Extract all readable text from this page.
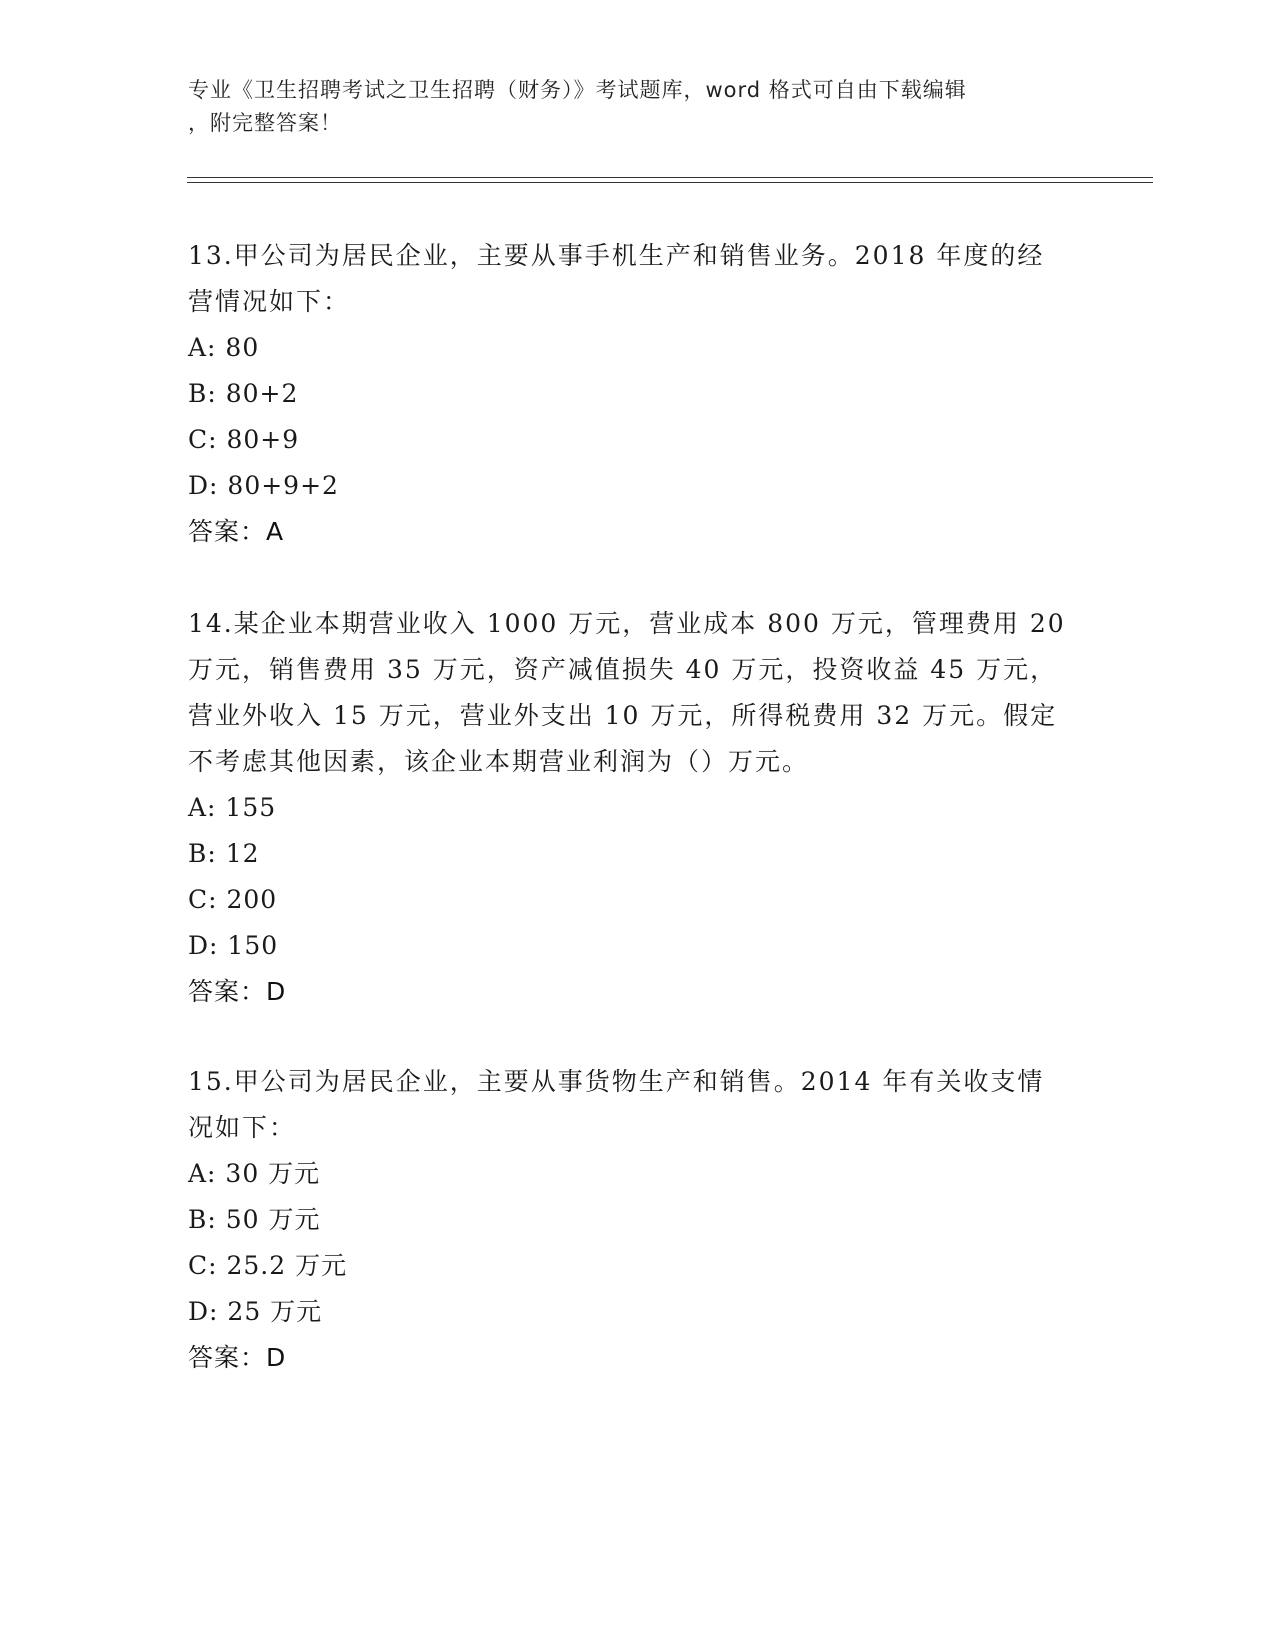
专业《卫生招聘考试之卫生招聘（财务）》考试题库，word 格式可自由下载编辑
，附完整答案！

13.甲公司为居民企业，主要从事手机生产和销售业务。2018 年度的经
营情况如下：

A: 80
B: 80+2
C: 80+9
D: 80+9+2

答案：A

14.某企业本期营业收入 1000 万元，营业成本 800 万元，管理费用 20
万元，销售费用 35 万元，资产减值损失 40 万元，投资收益 45 万元，
营业外收入 15 万元，营业外支出 10 万元，所得税费用 32 万元。假定
不考虑其他因素，该企业本期营业利润为（）万元。

A: 155
B: 12
C: 200
D: 150

答案：D

15.甲公司为居民企业，主要从事货物生产和销售。2014 年有关收支情
况如下：

A: 30 万元
B: 50 万元
C: 25.2 万元
D: 25 万元

答案：D
